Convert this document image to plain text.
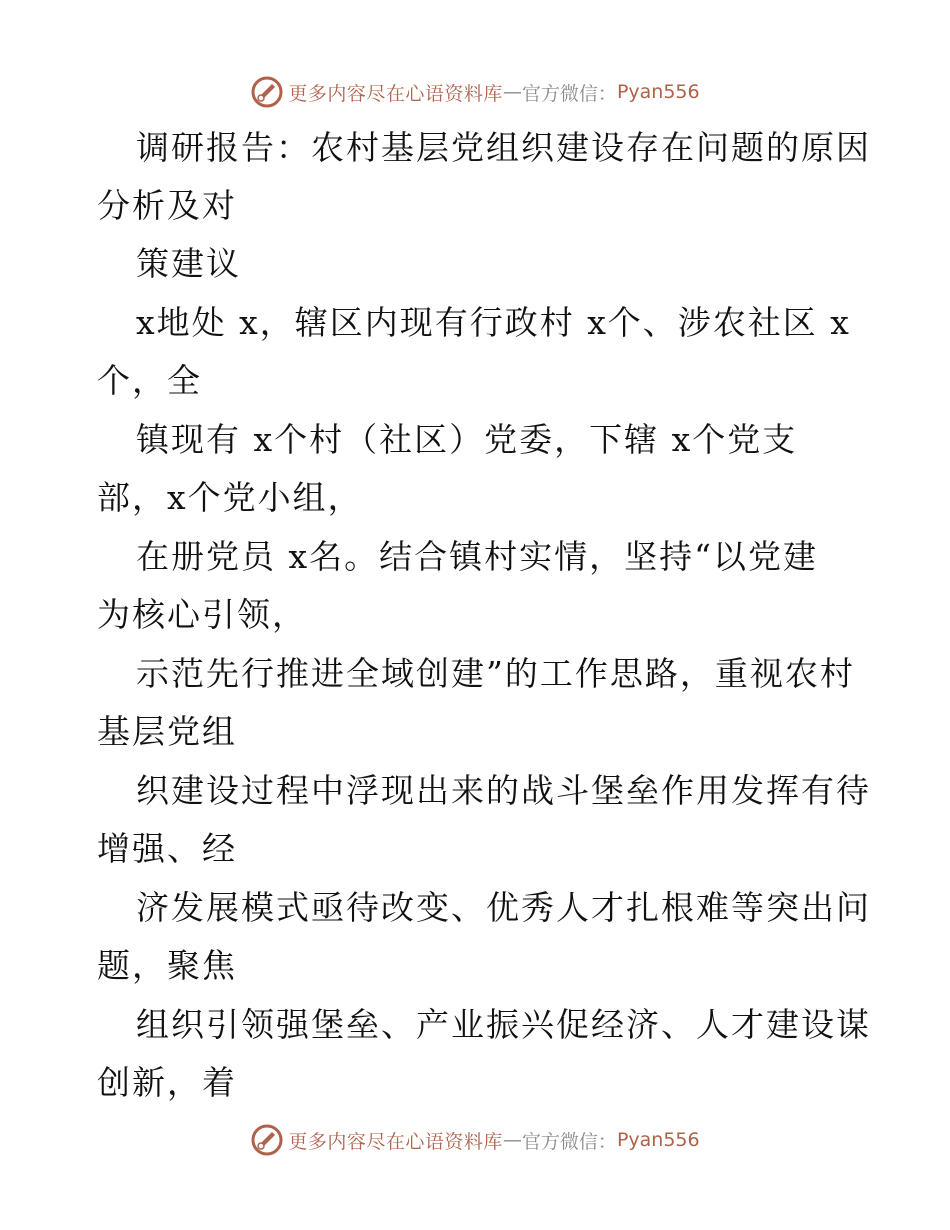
更多内容尽在心语资料库 — 官方微信： Pyan556
调研报告：农村基层党组织建设存在问题的原因
分析及对
策建议
x地处 x，辖区内现有行政村 x个、涉农社区 x
个，全
镇现有 x个村（社区）党委，下辖 x个党支
部，x个党小组，
在册党员 x名。结合镇村实情，坚持“以党建
为核心引领，
示范先行推进全域创建”的工作思路，重视农村
基层党组
织建设过程中浮现出来的战斗堡垒作用发挥有待
增强、经
济发展模式亟待改变、优秀人才扎根难等突出问
题，聚焦
组织引领强堡垒、产业振兴促经济、人才建设谋
创新，着
更多内容尽在心语资料库 — 官方微信： Pyan556
